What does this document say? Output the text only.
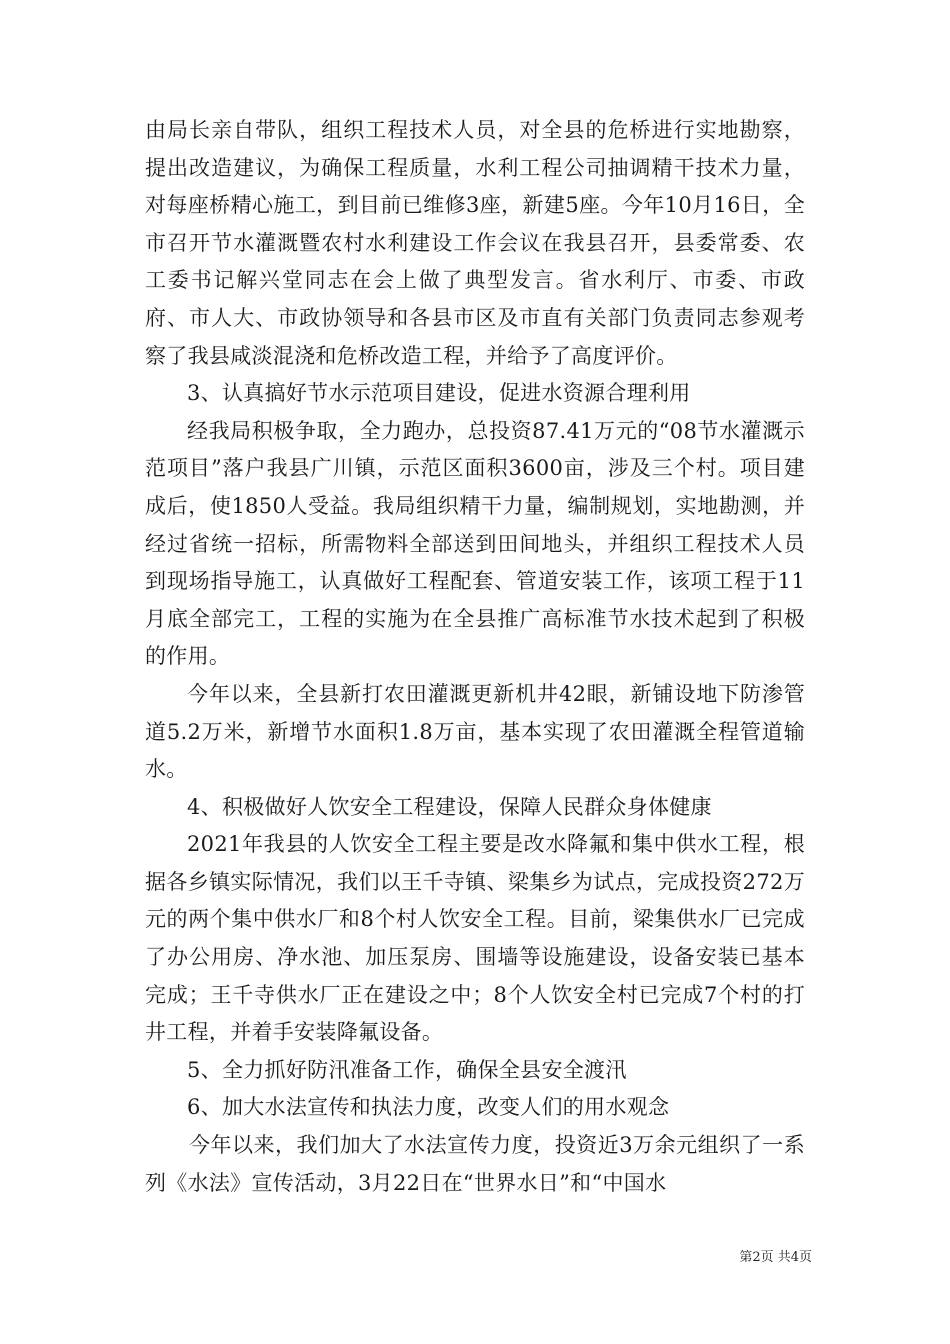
由局长亲自带队，组织工程技术人员，对全县的危桥进行实地勘察，提出改造建议，为确保工程质量，水利工程公司抽调精干技术力量，对每座桥精心施工，到目前已维修3座，新建5座。今年10月16日，全市召开节水灌溉暨农村水利建设工作会议在我县召开，县委常委、农工委书记解兴堂同志在会上做了典型发言。省水利厅、市委、市政府、市人大、市政协领导和各县市区及市直有关部门负责同志参观考察了我县咸淡混浇和危桥改造工程，并给予了高度评价。

3、认真搞好节水示范项目建设，促进水资源合理利用

经我局积极争取，全力跑办，总投资87.41万元的“08节水灌溉示范项目”落户我县广川镇，示范区面积3600亩，涉及三个村。项目建成后，使1850人受益。我局组织精干力量，编制规划，实地勘测，并经过省统一招标，所需物料全部送到田间地头，并组织工程技术人员到现场指导施工，认真做好工程配套、管道安装工作，该项工程于11月底全部完工，工程的实施为在全县推广高标准节水技术起到了积极的作用。

今年以来，全县新打农田灌溉更新机井42眼，新铺设地下防渗管道5.2万米，新增节水面积1.8万亩，基本实现了农田灌溉全程管道输水。

4、积极做好人饮安全工程建设，保障人民群众身体健康

2021年我县的人饮安全工程主要是改水降氟和集中供水工程，根据各乡镇实际情况，我们以王千寺镇、梁集乡为试点，完成投资272万元的两个集中供水厂和8个村人饮安全工程。目前，梁集供水厂已完成了办公用房、净水池、加压泵房、围墙等设施建设，设备安装已基本完成；王千寺供水厂正在建设之中；8个人饮安全村已完成7个村的打井工程，并着手安装降氟设备。

5、全力抓好防汛准备工作，确保全县安全渡汛

6、加大水法宣传和执法力度，改变人们的用水观念

今年以来，我们加大了水法宣传力度，投资近3万余元组织了一系列《水法》宣传活动，3月22日在“世界水日”和“中国水

第2页 共4页
